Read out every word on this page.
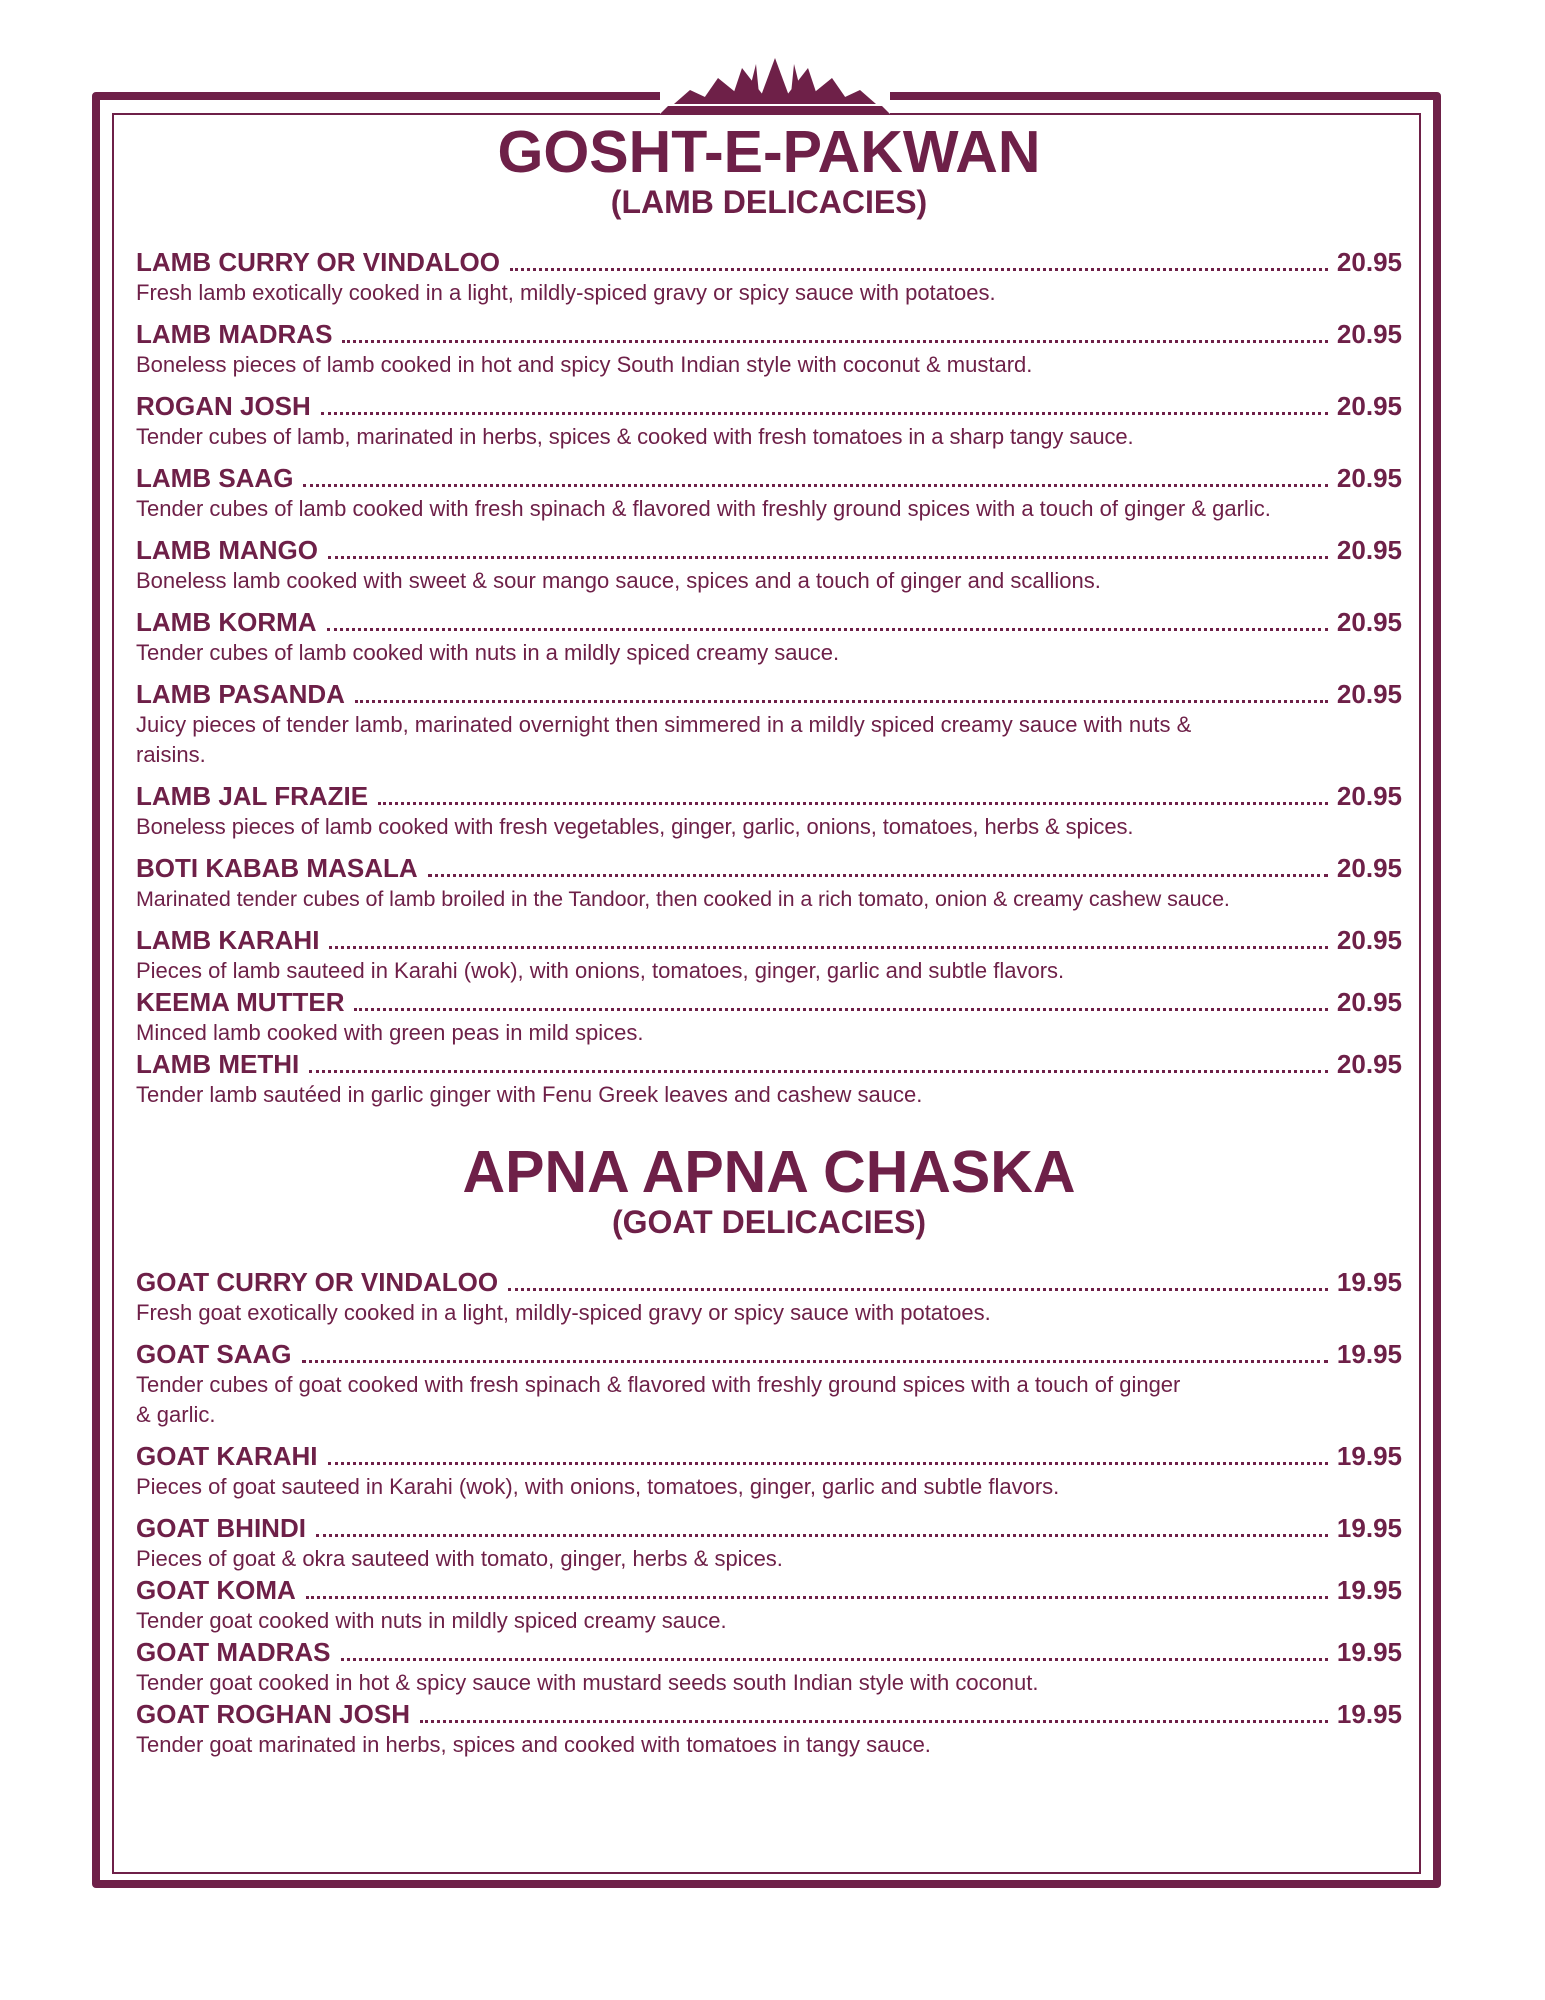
GOSHT-E-PAKWAN
(LAMB DELICACIES)
LAMB CURRY OR VINDALOO	20.95
Fresh lamb exotically cooked in a light, mildly-spiced gravy or spicy sauce with potatoes.
LAMB MADRAS	20.95
Boneless pieces of lamb cooked in hot and spicy South Indian style with coconut & mustard.
ROGAN JOSH	20.95
Tender cubes of lamb, marinated in herbs, spices & cooked with fresh tomatoes in a sharp tangy sauce.
LAMB SAAG	20.95
Tender cubes of lamb cooked with fresh spinach & flavored with freshly ground spices with a touch of ginger & garlic.
LAMB MANGO	20.95
Boneless lamb cooked with sweet & sour mango sauce, spices and a touch of ginger and scallions.
LAMB KORMA	20.95
Tender cubes of lamb cooked with nuts in a mildly spiced creamy sauce.
LAMB PASANDA	20.95
Juicy pieces of tender lamb, marinated overnight then simmered in a mildly spiced creamy sauce with nuts & raisins.
LAMB JAL FRAZIE	20.95
Boneless pieces of lamb cooked with fresh vegetables, ginger, garlic, onions, tomatoes, herbs & spices.
BOTI KABAB MASALA	20.95
Marinated tender cubes of lamb broiled in the Tandoor, then cooked in a rich tomato, onion & creamy cashew sauce.
LAMB KARAHI	20.95
Pieces of lamb sauteed in Karahi (wok), with onions, tomatoes, ginger, garlic and subtle flavors.
KEEMA MUTTER	20.95
Minced lamb cooked with green peas in mild spices.
LAMB METHI	20.95
Tender lamb sautéed in garlic ginger with Fenu Greek leaves and cashew sauce.
APNA APNA CHASKA
(GOAT DELICACIES)
GOAT CURRY OR VINDALOO	19.95
Fresh goat exotically cooked in a light, mildly-spiced gravy or spicy sauce with potatoes.
GOAT SAAG	19.95
Tender cubes of goat cooked with fresh spinach & flavored with freshly ground spices with a touch of ginger & garlic.
GOAT KARAHI	19.95
Pieces of goat sauteed in Karahi (wok), with onions, tomatoes, ginger, garlic and subtle flavors.
GOAT BHINDI	19.95
Pieces of goat & okra sauteed with tomato, ginger, herbs & spices.
GOAT KOMA	19.95
Tender goat cooked with nuts in mildly spiced creamy sauce.
GOAT MADRAS	19.95
Tender goat cooked in hot & spicy sauce with mustard seeds south Indian style with coconut.
GOAT ROGHAN JOSH	19.95
Tender goat marinated in herbs, spices and cooked with tomatoes in tangy sauce.
